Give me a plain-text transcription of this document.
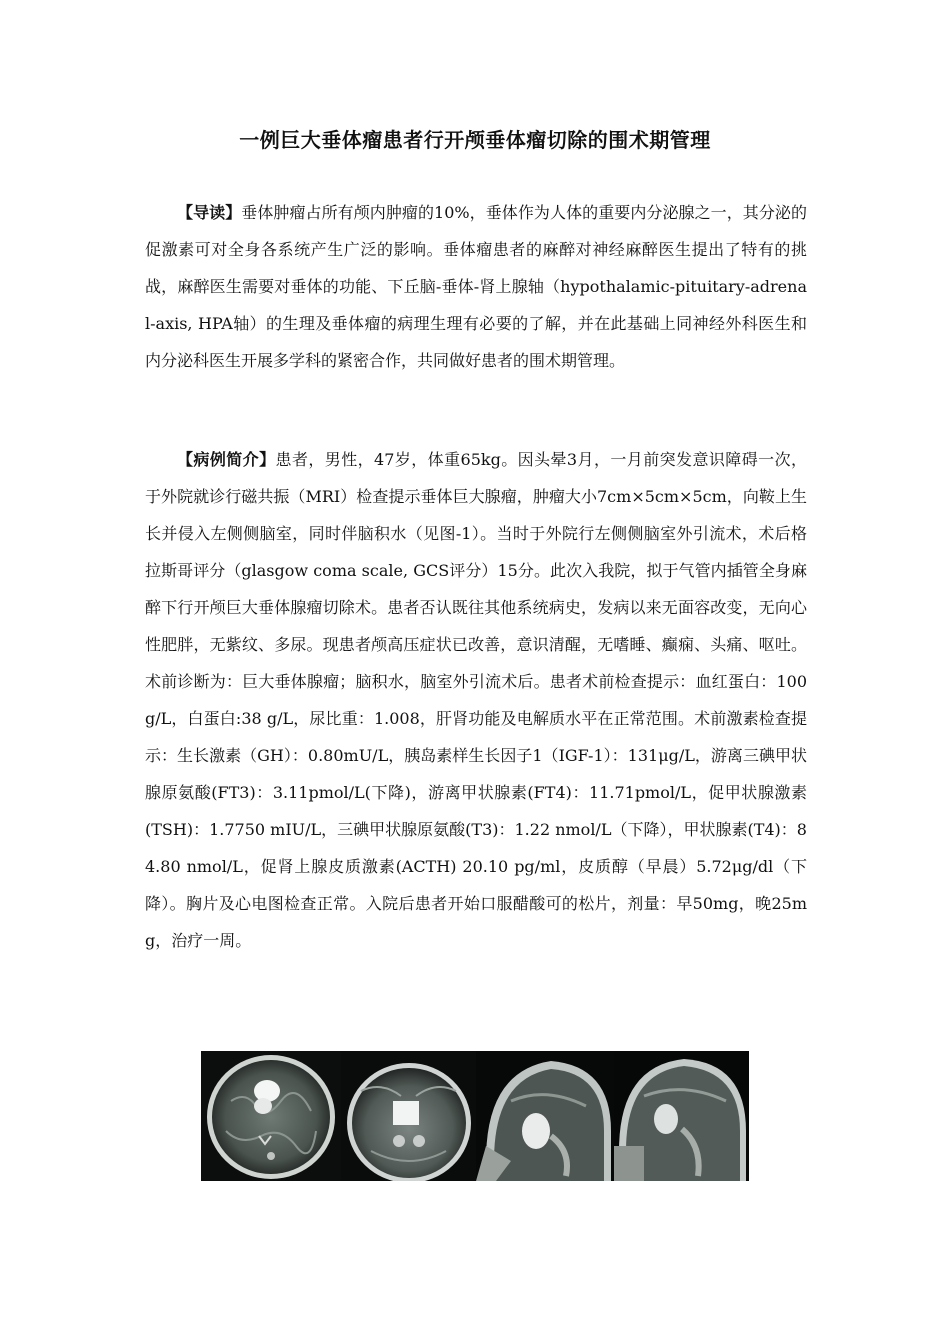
一例巨大垂体瘤患者行开颅垂体瘤切除的围术期管理
【导读】垂体肿瘤占所有颅内肿瘤的10%，垂体作为人体的重要内分泌腺之一，其分泌的促激素可对全身各系统产生广泛的影响。垂体瘤患者的麻醉对神经麻醉医生提出了特有的挑战，麻醉医生需要对垂体的功能、下丘脑-垂体-肾上腺轴（hypothalamic-pituitary-adrenal-axis, HPA轴）的生理及垂体瘤的病理生理有必要的了解，并在此基础上同神经外科医生和内分泌科医生开展多学科的紧密合作，共同做好患者的围术期管理。
【病例简介】患者，男性，47岁，体重65kg。因头晕3月，一月前突发意识障碍一次，于外院就诊行磁共振（MRI）检查提示垂体巨大腺瘤，肿瘤大小7cm×5cm×5cm，向鞍上生长并侵入左侧侧脑室，同时伴脑积水（见图-1）。当时于外院行左侧侧脑室外引流术，术后格拉斯哥评分（glasgow coma scale, GCS评分）15分。此次入我院，拟于气管内插管全身麻醉下行开颅巨大垂体腺瘤切除术。患者否认既往其他系统病史，发病以来无面容改变，无向心性肥胖，无紫纹、多尿。现患者颅高压症状已改善，意识清醒，无嗜睡、癫痫、头痛、呕吐。术前诊断为：巨大垂体腺瘤；脑积水，脑室外引流术后。患者术前检查提示：血红蛋白：100g/L，白蛋白:38 g/L，尿比重：1.008，肝肾功能及电解质水平在正常范围。术前激素检查提示：生长激素（GH）：0.80mU/L，胰岛素样生长因子1（IGF-1）：131μg/L，游离三碘甲状腺原氨酸(FT3)：3.11pmol/L(下降)，游离甲状腺素(FT4)：11.71pmol/L，促甲状腺激素(TSH)：1.7750 mIU/L，三碘甲状腺原氨酸(T3)：1.22 nmol/L（下降），甲状腺素(T4)：84.80 nmol/L，促肾上腺皮质激素(ACTH) 20.10 pg/ml，皮质醇（早晨）5.72μg/dl（下降）。胸片及心电图检查正常。入院后患者开始口服醋酸可的松片，剂量：早50mg，晚25mg，治疗一周。
